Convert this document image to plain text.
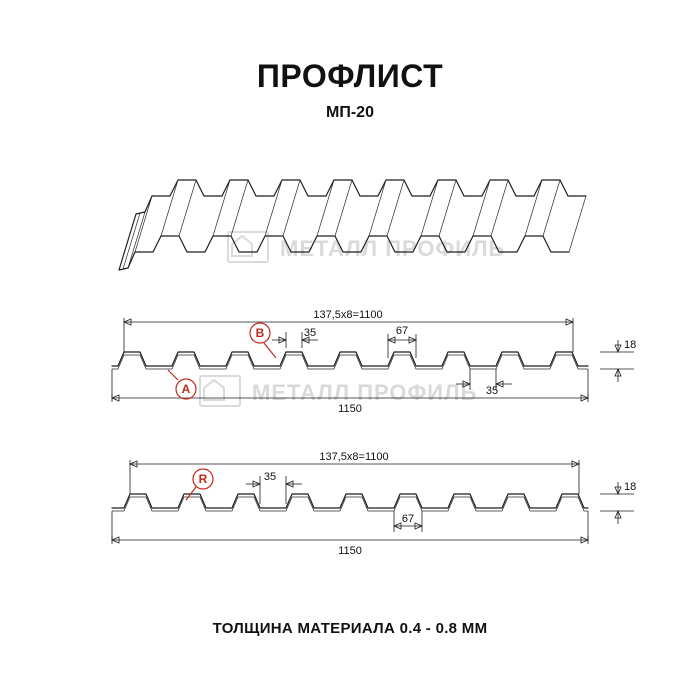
ПРОФЛИСТ
МП-20
ТОЛЩИНА МАТЕРИАЛА 0.4 - 0.8 ММ
МЕТАЛЛ ПРОФИЛЬ
МЕТАЛЛ ПРОФИЛЬ
137,5х8=1100
1150
18
35	67
35
A
B
137,5х8=1100
1150
18
35
67
R
